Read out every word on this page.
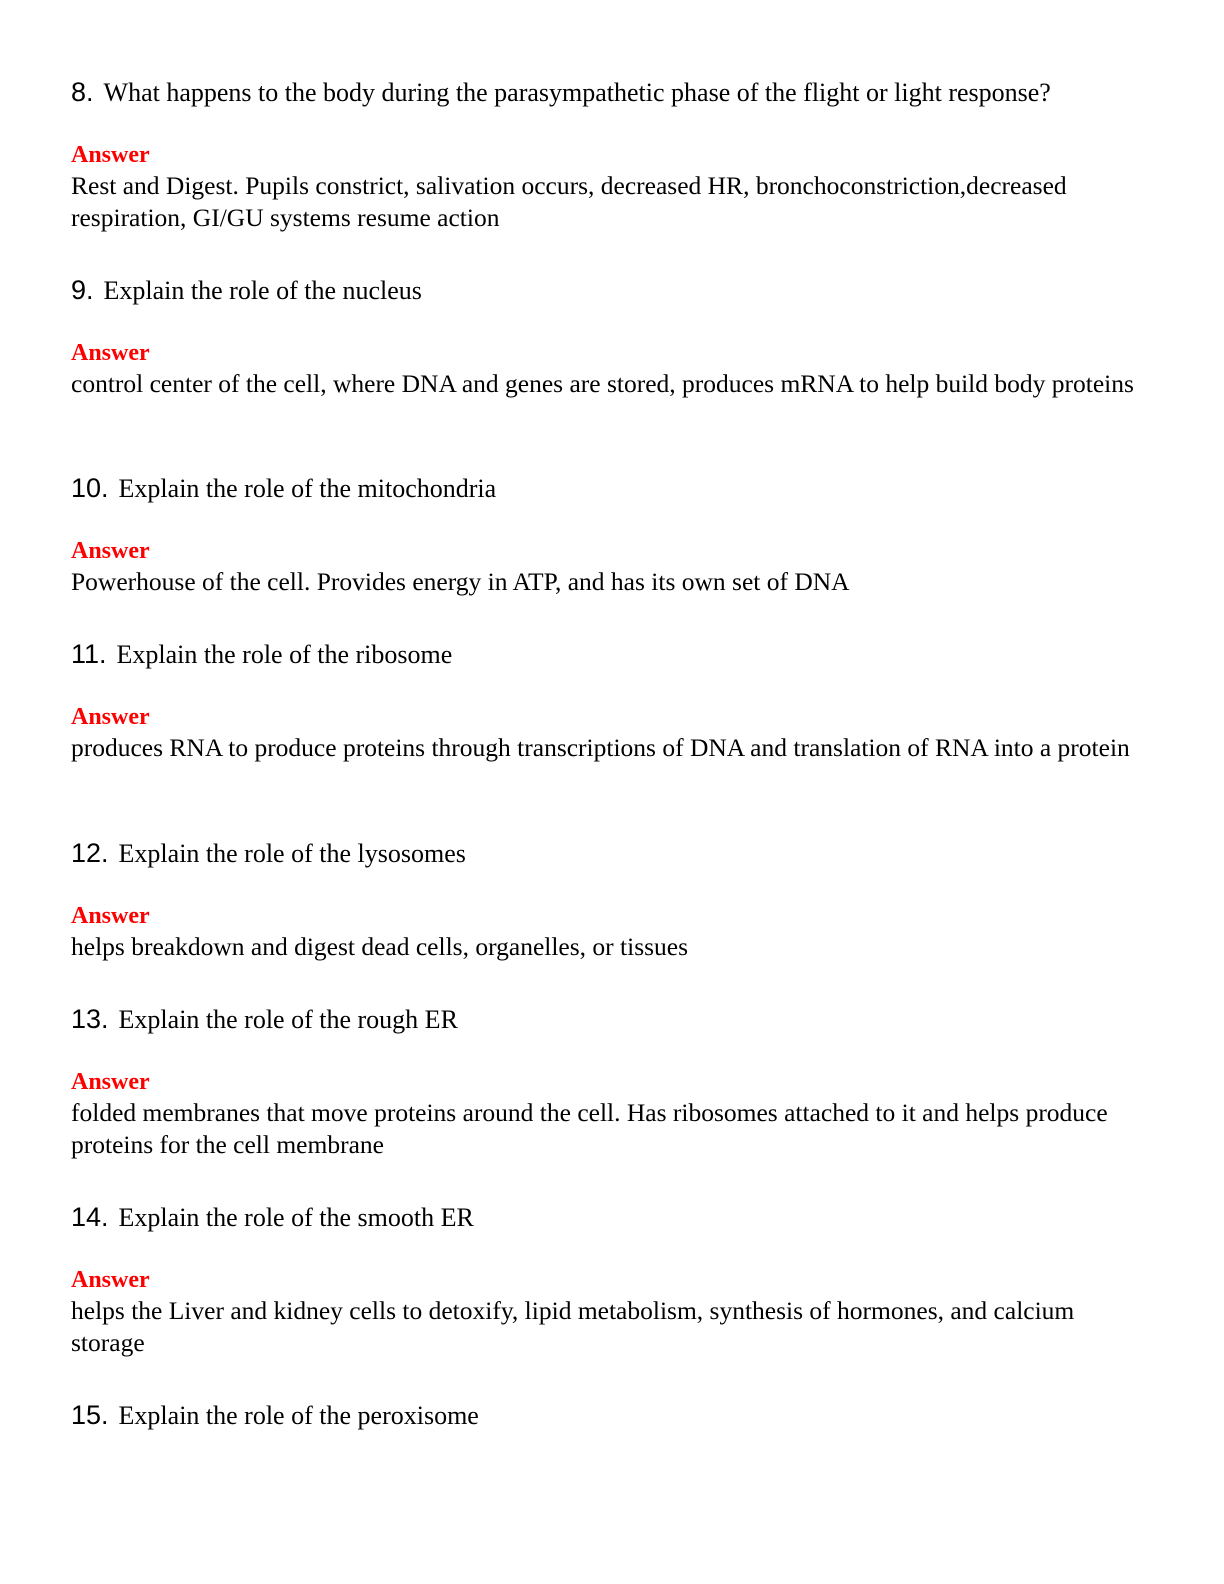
8. What happens to the body during the parasympathetic phase of the flight or light response?
Answer
Rest and Digest. Pupils constrict, salivation occurs, decreased HR, bronchoconstriction,decreased respiration, GI/GU systems resume action
9. Explain the role of the nucleus
Answer
control center of the cell, where DNA and genes are stored, produces mRNA to help build body proteins
10. Explain the role of the mitochondria
Answer
Powerhouse of the cell. Provides energy in ATP, and has its own set of DNA
11. Explain the role of the ribosome
Answer
produces RNA to produce proteins through transcriptions of DNA and translation of RNA into a protein
12. Explain the role of the lysosomes
Answer
helps breakdown and digest dead cells, organelles, or tissues
13. Explain the role of the rough ER
Answer
folded membranes that move proteins around the cell. Has ribosomes attached to it and helps produce proteins for the cell membrane
14. Explain the role of the smooth ER
Answer
helps the Liver and kidney cells to detoxify, lipid metabolism, synthesis of hormones, and calcium storage
15. Explain the role of the peroxisome
